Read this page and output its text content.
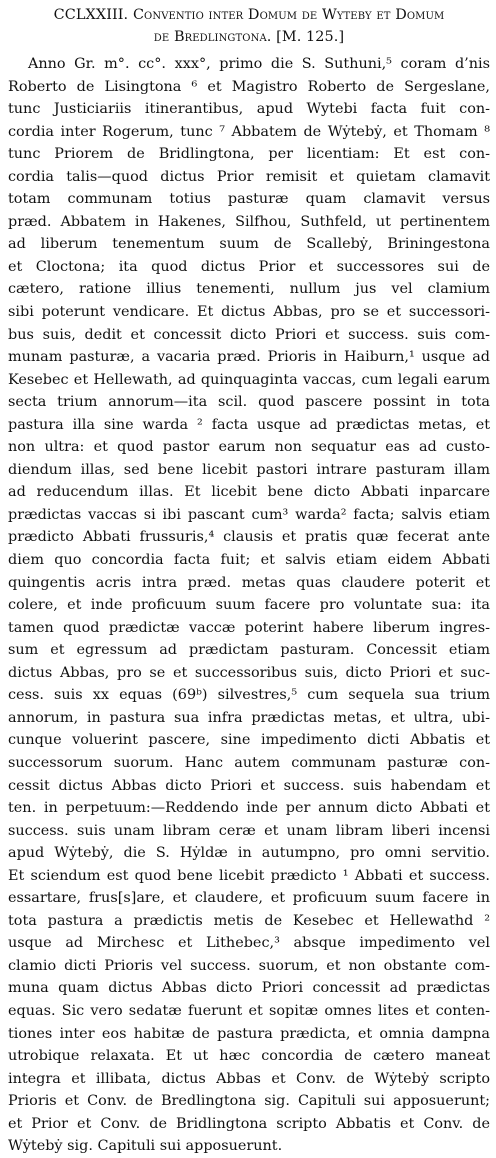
CCLXXIII. Conventio inter Domum de Wyteby et Domum
de Bredlingtona. [M. 125.]
Anno Gr. m°. cc°. xxx°, primo die S. Suthuni,⁵ coram d’nis
Roberto de Lisingtona ⁶ et Magistro Roberto de Sergeslane,
tunc Justiciariis itinerantibus, apud Wytebi facta fuit con-
cordia inter Rogerum, tunc ⁷ Abbatem de Wẏtebẏ, et Thomam ⁸
tunc Priorem de Bridlingtona, per licentiam: Et est con-
cordia talis—quod dictus Prior remisit et quietam clamavit
totam communam totius pasturæ quam clamavit versus
præd. Abbatem in Hakenes, Silfhou, Suthfeld, ut pertinentem
ad liberum tenementum suum de Scallebẏ, Briningestona
et Cloctona; ita quod dictus Prior et successores sui de
cætero, ratione illius tenementi, nullum jus vel clamium
sibi poterunt vendicare. Et dictus Abbas, pro se et successori-
bus suis, dedit et concessit dicto Priori et success. suis com-
munam pasturæ, a vacaria præd. Prioris in Haiburn,¹ usque ad
Kesebec et Hellewath, ad quinquaginta vaccas, cum legali earum
secta trium annorum—ita scil. quod pascere possint in tota
pastura illa sine warda ² facta usque ad prædictas metas, et
non ultra: et quod pastor earum non sequatur eas ad custo-
diendum illas, sed bene licebit pastori intrare pasturam illam
ad reducendum illas. Et licebit bene dicto Abbati inparcare
prædictas vaccas si ibi pascant cum³ warda² facta; salvis etiam
prædicto Abbati frussuris,⁴ clausis et pratis quæ fecerat ante
diem quo concordia facta fuit; et salvis etiam eidem Abbati
quingentis acris intra præd. metas quas claudere poterit et
colere, et inde proficuum suum facere pro voluntate sua: ita
tamen quod prædictæ vaccæ poterint habere liberum ingres-
sum et egressum ad prædictam pasturam. Concessit etiam
dictus Abbas, pro se et successoribus suis, dicto Priori et suc-
cess. suis xx equas (69ᵇ) silvestres,⁵ cum sequela sua trium
annorum, in pastura sua infra prædictas metas, et ultra, ubi-
cunque voluerint pascere, sine impedimento dicti Abbatis et
successorum suorum. Hanc autem communam pasturæ con-
cessit dictus Abbas dicto Priori et success. suis habendam et
ten. in perpetuum:—Reddendo inde per annum dicto Abbati et
success. suis unam libram ceræ et unam libram liberi incensi
apud Wẏtebẏ, die S. Hẏldæ in autumpno, pro omni servitio.
Et sciendum est quod bene licebit prædicto ¹ Abbati et success.
essartare, frus[s]are, et claudere, et proficuum suum facere in
tota pastura a prædictis metis de Kesebec et Hellewathd ²
usque ad Mirchesc et Lithebec,³ absque impedimento vel
clamio dicti Prioris vel success. suorum, et non obstante com-
muna quam dictus Abbas dicto Priori concessit ad prædictas
equas. Sic vero sedatæ fuerunt et sopitæ omnes lites et conten-
tiones inter eos habitæ de pastura prædicta, et omnia dampna
utrobique relaxata. Et ut hæc concordia de cætero maneat
integra et illibata, dictus Abbas et Conv. de Wẏtebẏ scripto
Prioris et Conv. de Bredlingtona sig. Capituli sui apposuerunt;
et Prior et Conv. de Bridlingtona scripto Abbatis et Conv. de
Wẏtebẏ sig. Capituli sui apposuerunt.
